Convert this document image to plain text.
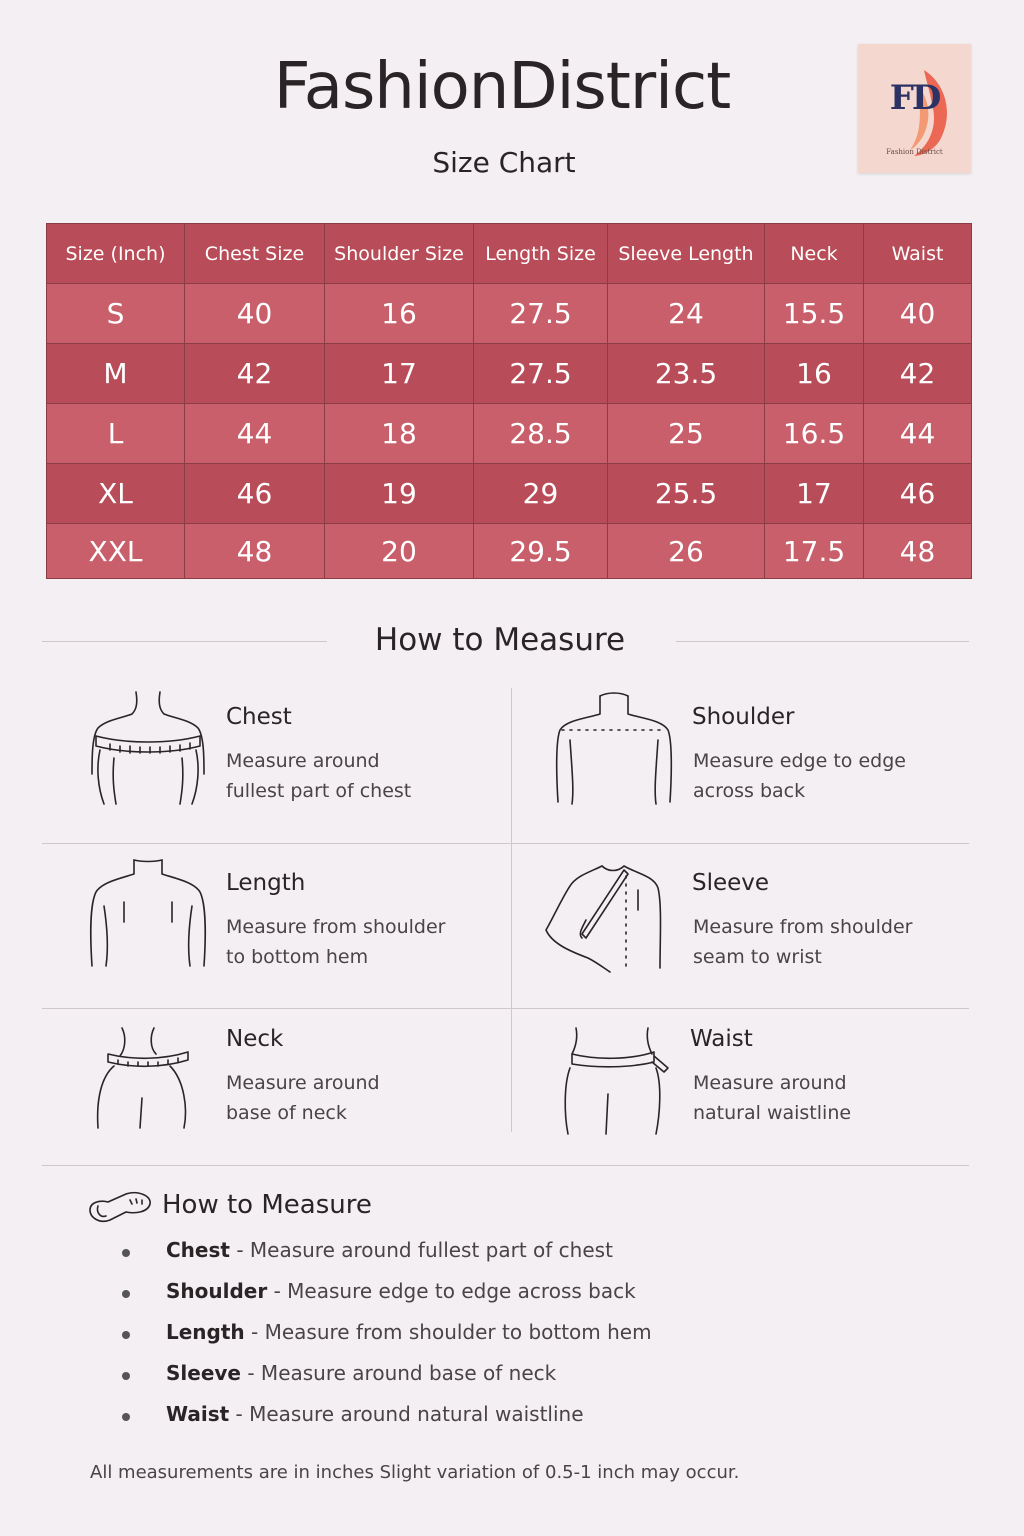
FashionDistrict
Size Chart
FD
Fashion District
Size (Inch)	Chest Size	Shoulder Size	Length Size	Sleeve Length	Neck	Waist
S	40	16	27.5	24	15.5	40
M	42	17	27.5	23.5	16	42
L	44	18	28.5	25	16.5	44
XL	46	19	29	25.5	17	46
XXL	48	20	29.5	26	17.5	48
How to Measure
Chest
Measure around
fullest part of chest
Shoulder
Measure edge to edge
across back
Length
Measure from shoulder
to bottom hem
Sleeve
Measure from shoulder
seam to wrist
Neck
Measure around
base of neck
Waist
Measure around
natural waistline
How to Measure
Chest - Measure around fullest part of chest
Shoulder - Measure edge to edge across back
Length - Measure from shoulder to bottom hem
Sleeve - Measure around base of neck
Waist - Measure around natural waistline
All measurements are in inches Slight variation of 0.5-1 inch may occur.
